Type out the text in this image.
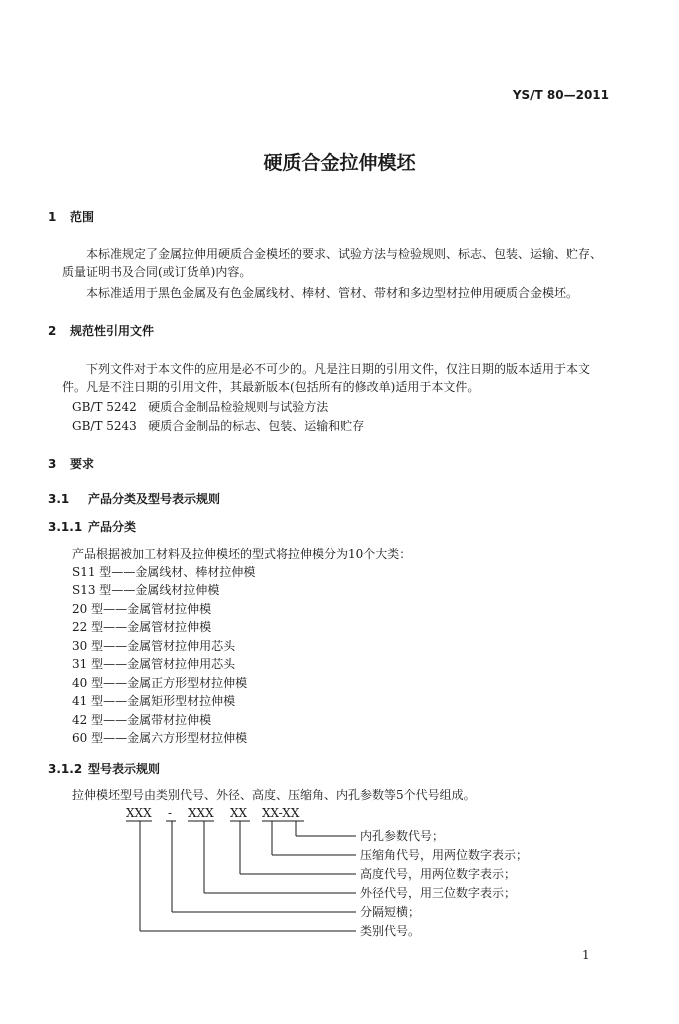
YS/T 80—2011
硬质合金拉伸模坯
1 范围
本标准规定了金属拉伸用硬质合金模坯的要求、试验方法与检验规则、标志、包装、运输、贮存、质量证明书及合同(或订货单)内容。
本标准适用于黑色金属及有色金属线材、棒材、管材、带材和多边型材拉伸用硬质合金模坯。
2 规范性引用文件
下列文件对于本文件的应用是必不可少的。凡是注日期的引用文件，仅注日期的版本适用于本文件。凡是不注日期的引用文件，其最新版本(包括所有的修改单)适用于本文件。
GB/T 5242 硬质合金制品检验规则与试验方法
GB/T 5243 硬质合金制品的标志、包装、运输和贮存
3 要求
3.1 产品分类及型号表示规则
3.1.1 产品分类
产品根据被加工材料及拉伸模坯的型式将拉伸模分为10个大类：
S11 型——金属线材、棒材拉伸模
S13 型——金属线材拉伸模
20 型——金属管材拉伸模
22 型——金属管材拉伸模
30 型——金属管材拉伸用芯头
31 型——金属管材拉伸用芯头
40 型——金属正方形型材拉伸模
41 型——金属矩形型材拉伸模
42 型——金属带材拉伸模
60 型——金属六方形型材拉伸模
3.1.2 型号表示规则
拉伸模坯型号由类别代号、外径、高度、压缩角、内孔参数等5个代号组成。
XXX - XXX XX XX-XX
内孔参数代号；
压缩角代号，用两位数字表示；
高度代号，用两位数字表示；
外径代号，用三位数字表示；
分隔短横；
类别代号。
1
